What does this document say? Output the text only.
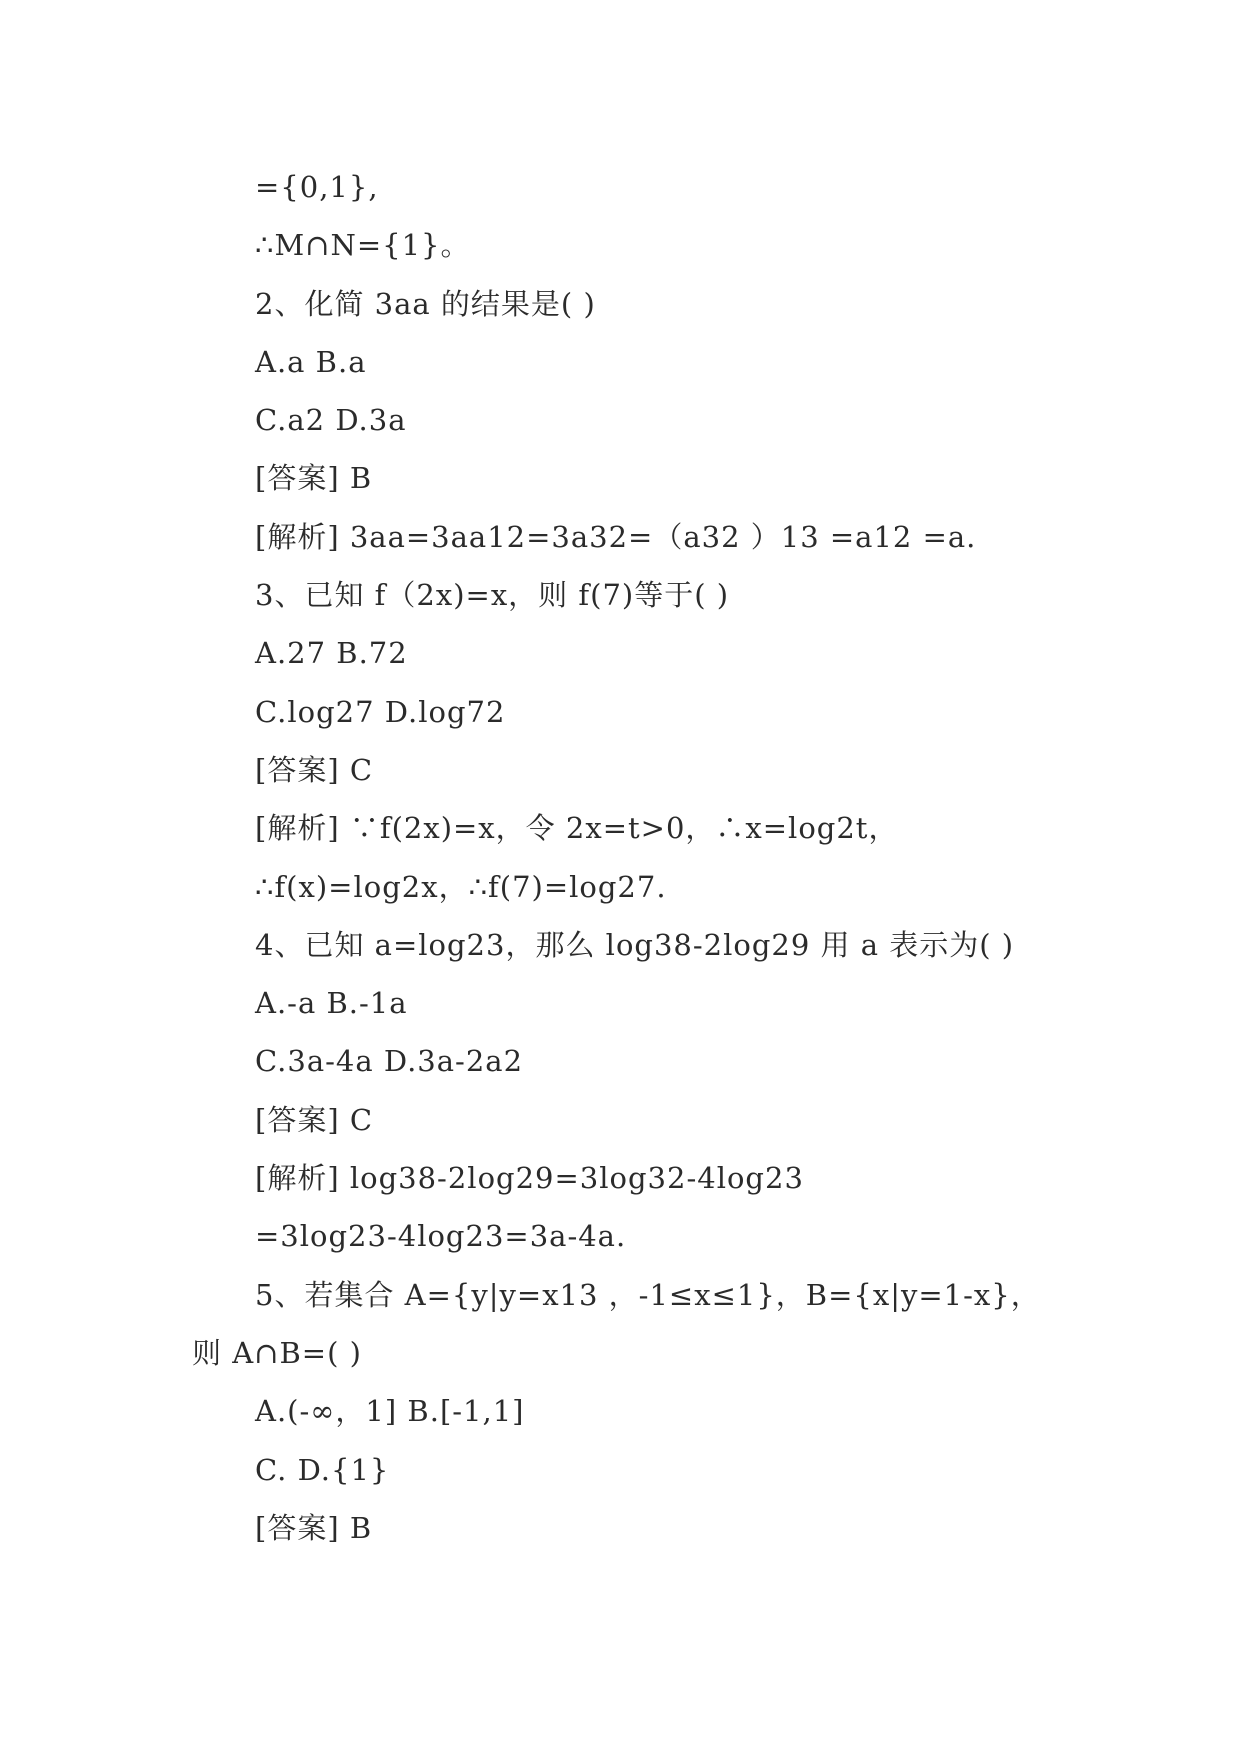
={0,1},
∴M∩N={1}。
2、化简 3aa 的结果是( )
A.a B.a
C.a2 D.3a
[答案] B
[解析] 3aa=3aa12=3a32=（a32 ）13 =a12 =a.
3、已知 f（2x)=x，则 f(7)等于( )
A.27 B.72
C.log27 D.log72
[答案] C
[解析] ∵f(2x)=x，令 2x=t>0，∴x=log2t，
∴f(x)=log2x，∴f(7)=log27.
4、已知 a=log23，那么 log38-2log29 用 a 表示为( )
A.-a B.-1a
C.3a-4a D.3a-2a2
[答案] C
[解析] log38-2log29=3log32-4log23
=3log23-4log23=3a-4a.
5、若集合 A={y|y=x13 ，-1≤x≤1}，B={x|y=1-x}，
则 A∩B=( )
A.(-∞，1] B.[-1,1]
C. D.{1}
[答案] B
